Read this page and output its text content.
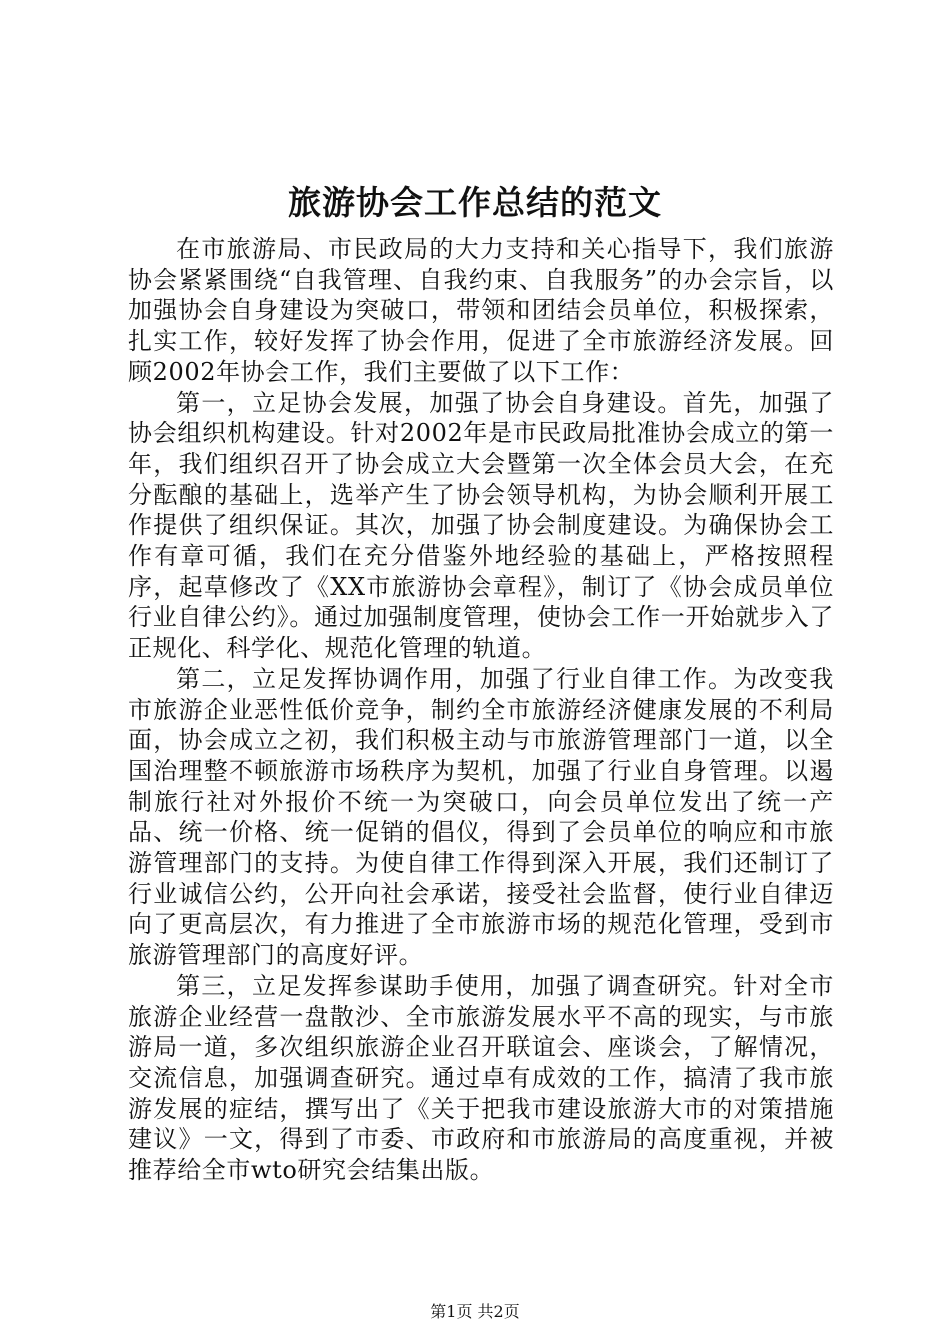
旅游协会工作总结的范文

在市旅游局、市民政局的大力支持和关心指导下，我们旅游协会紧紧围绕“自我管理、自我约束、自我服务”的办会宗旨，以加强协会自身建设为突破口，带领和团结会员单位，积极探索，扎实工作，较好发挥了协会作用，促进了全市旅游经济发展。回顾2002年协会工作，我们主要做了以下工作：

第一，立足协会发展，加强了协会自身建设。首先，加强了协会组织机构建设。针对2002年是市民政局批准协会成立的第一年，我们组织召开了协会成立大会暨第一次全体会员大会，在充分酝酿的基础上，选举产生了协会领导机构，为协会顺利开展工作提供了组织保证。其次，加强了协会制度建设。为确保协会工作有章可循，我们在充分借鉴外地经验的基础上，严格按照程序，起草修改了《XX市旅游协会章程》，制订了《协会成员单位行业自律公约》。通过加强制度管理，使协会工作一开始就步入了正规化、科学化、规范化管理的轨道。

第二，立足发挥协调作用，加强了行业自律工作。为改变我市旅游企业恶性低价竞争，制约全市旅游经济健康发展的不利局面，协会成立之初，我们积极主动与市旅游管理部门一道，以全国治理整不顿旅游市场秩序为契机，加强了行业自身管理。以遏制旅行社对外报价不统一为突破口，向会员单位发出了统一产品、统一价格、统一促销的倡仪，得到了会员单位的响应和市旅游管理部门的支持。为使自律工作得到深入开展，我们还制订了行业诚信公约，公开向社会承诺，接受社会监督，使行业自律迈向了更高层次，有力推进了全市旅游市场的规范化管理，受到市旅游管理部门的高度好评。

第三，立足发挥参谋助手使用，加强了调查研究。针对全市旅游企业经营一盘散沙、全市旅游发展水平不高的现实，与市旅游局一道，多次组织旅游企业召开联谊会、座谈会，了解情况，交流信息，加强调查研究。通过卓有成效的工作，搞清了我市旅游发展的症结，撰写出了《关于把我市建设旅游大市的对策措施建议》一文，得到了市委、市政府和市旅游局的高度重视，并被推荐给全市wto研究会结集出版。

第1页 共2页
